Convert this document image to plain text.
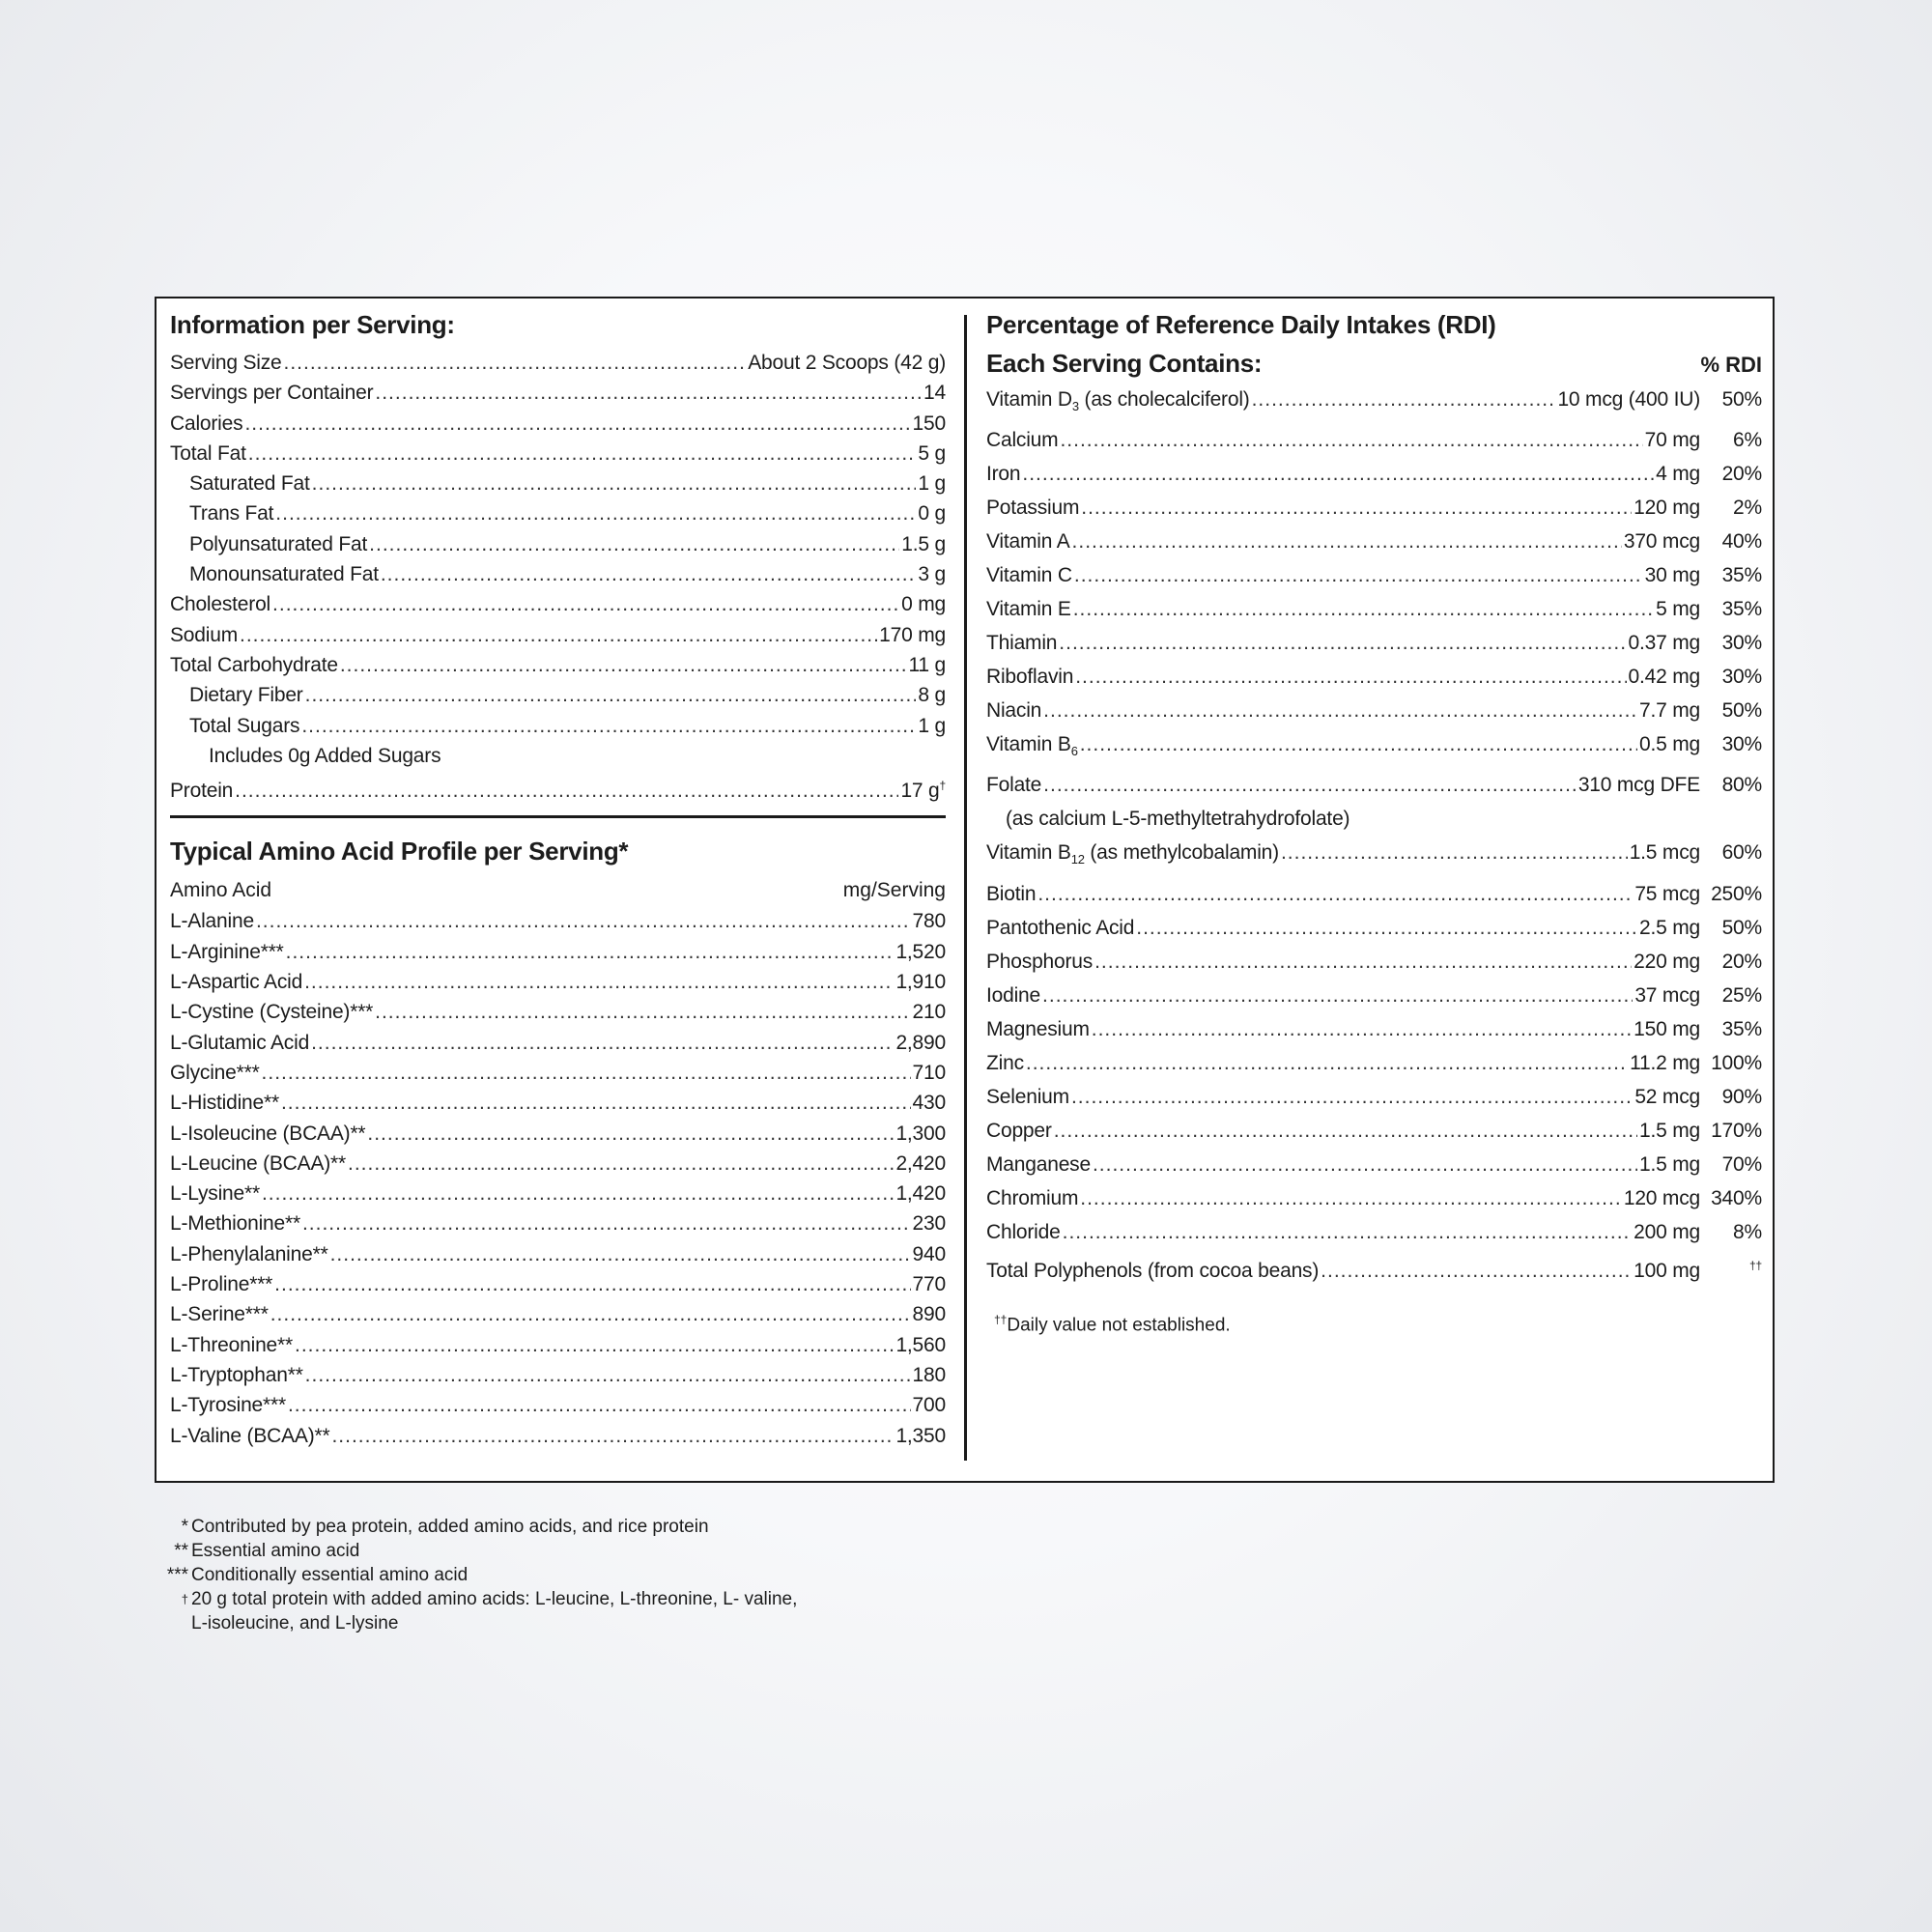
Information per Serving:
Serving Size .....	About 2 Scoops (42 g)
Servings per Container .....	14
Calories .....	150
Total Fat .....	5 g
Saturated Fat .....	1 g
Trans Fat .....	0 g
Polyunsaturated Fat .....	1.5 g
Monounsaturated Fat .....	3 g
Cholesterol .....	0 mg
Sodium .....	170 mg
Total Carbohydrate .....	11 g
Dietary Fiber .....	8 g
Total Sugars .....	1 g
Includes 0g Added Sugars
Protein .....	17 g†
Typical Amino Acid Profile per Serving*
Amino Acid	mg/Serving
L-Alanine .....	780
L-Arginine*** .....	1,520
L-Aspartic Acid .....	1,910
L-Cystine (Cysteine)*** .....	210
L-Glutamic Acid .....	2,890
Glycine*** .....	710
L-Histidine** .....	430
L-Isoleucine (BCAA)** .....	1,300
L-Leucine (BCAA)** .....	2,420
L-Lysine** .....	1,420
L-Methionine** .....	230
L-Phenylalanine** .....	940
L-Proline*** .....	770
L-Serine*** .....	890
L-Threonine** .....	1,560
L-Tryptophan** .....	180
L-Tyrosine*** .....	700
L-Valine (BCAA)** .....	1,350
Percentage of Reference Daily Intakes (RDI)
Each Serving Contains:	% RDI
Vitamin $D_3$ (as cholecalciferol) .....	10 mcg (400 IU)	50%
Calcium .....	70 mg	6%
Iron .....	4 mg	20%
Potassium .....	120 mg	2%
Vitamin A .....	370 mcg	40%
Vitamin C .....	30 mg	35%
Vitamin E .....	5 mg	35%
Thiamin .....	0.37 mg	30%
Riboflavin .....	0.42 mg	30%
Niacin .....	7.7 mg	50%
Vitamin $B_6$ .....	0.5 mg	30%
Folate .....	310 mcg DFE	80%
(as calcium L-5-methyltetrahydrofolate)
Vitamin $B_{12}$ (as methylcobalamin) .....	1.5 mcg	60%
Biotin .....	75 mcg 250%
Pantothenic Acid .....	2.5 mg	50%
Phosphorus .....	220 mg	20%
Iodine .....	37 mcg	25%
Magnesium .....	150 mg	35%
Zinc .....	11.2 mg 100%
Selenium .....	52 mcg	90%
Copper .....	1.5 mg 170%
Manganese .....	1.5 mg	70%
Chromium .....	120 mcg 340%
Chloride .....	200 mg	8%
Total Polyphenols (from cocoa beans) .....	100 mg	††
††Daily value not established.
* Contributed by pea protein, added amino acids, and rice protein
** Essential amino acid
*** Conditionally essential amino acid
† 20 g total protein with added amino acids: L-leucine, L-threonine, L- valine,
L-isoleucine, and L-lysine
